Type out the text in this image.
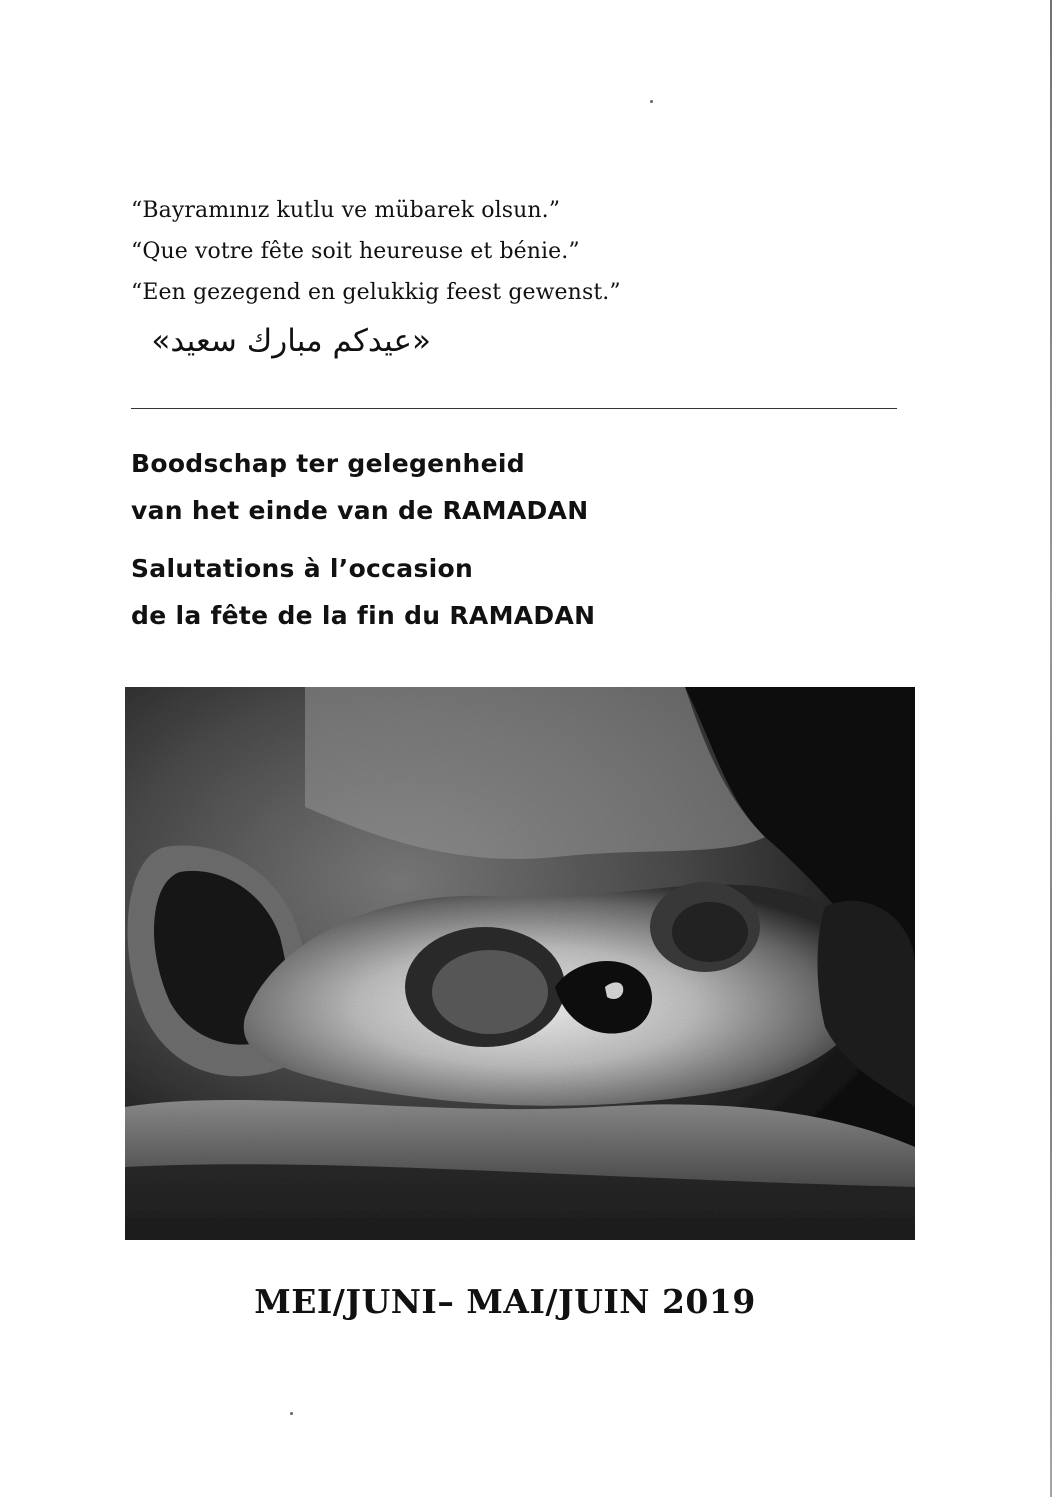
“Bayramınız kutlu ve mübarek olsun.”
“Que votre fête soit heureuse et bénie.”
“Een gezegend en gelukkig feest gewenst.”
«عيدكم مبارك سعيد»
Boodschap ter gelegenheid
van het einde van de RAMADAN
Salutations à l’occasion
de la fête de la fin du RAMADAN
MEI/JUNI– MAI/JUIN 2019
